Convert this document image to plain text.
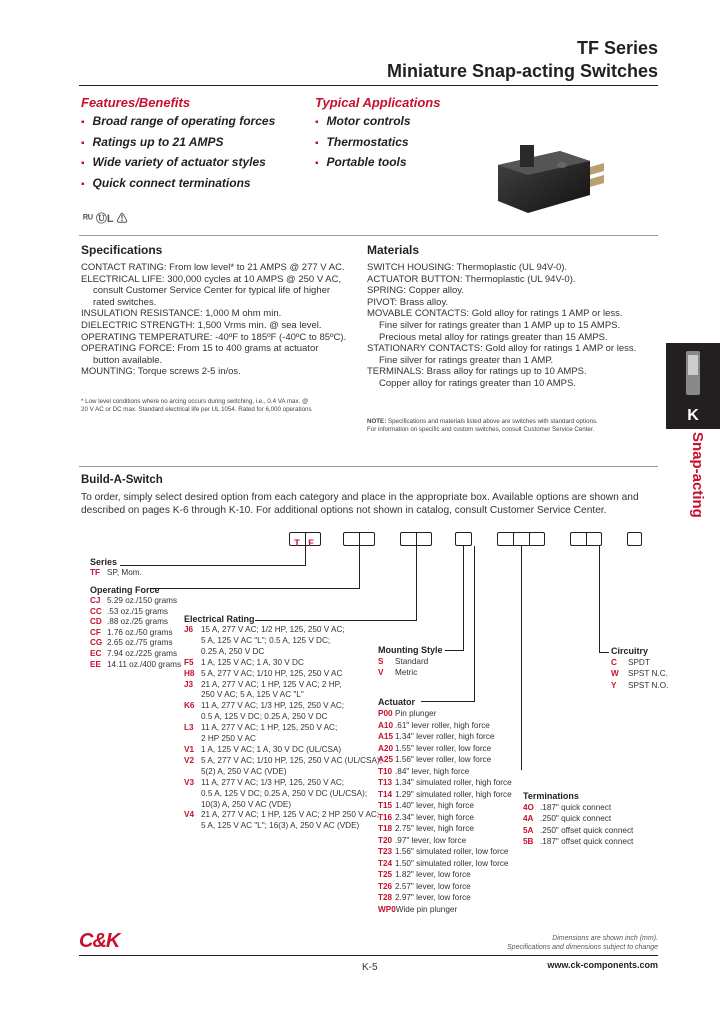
TF Series
Miniature Snap-acting Switches
Features/Benefits
▪ Broad range of operating forces
▪ Ratings up to 21 AMPS
▪ Wide variety of actuator styles
▪ Quick connect terminations
Typical Applications
▪ Motor controls
▪ Thermostatics
▪ Portable tools
ᴿᵁ ⓊL ⚠
Specifications
CONTACT RATING: From low level* to 21 AMPS @ 277 V AC.
ELECTRICAL LIFE: 300,000 cycles at 10 AMPS @ 250 V AC,
consult Customer Service Center for typical life of higher
rated switches.
INSULATION RESISTANCE: 1,000 M ohm min.
DIELECTRIC STRENGTH: 1,500 Vrms min. @ sea level.
OPERATING TEMPERATURE: -40ºF to 185ºF (-40ºC to 85ºC).
OPERATING FORCE: From 15 to 400 grams at actuator
button available.
MOUNTING: Torque screws 2-5 in/os.
* Low level conditions where no arcing occurs during switching, i.e., 0.4 VA max. @
20 V AC or DC max. Standard electrical life per UL 1054. Rated for 6,000 operations
Materials
SWITCH HOUSING: Thermoplastic (UL 94V-0).
ACTUATOR BUTTON: Thermoplastic (UL 94V-0).
SPRING: Copper alloy.
PIVOT: Brass alloy.
MOVABLE CONTACTS: Gold alloy for ratings 1 AMP or less.
Fine silver for ratings greater than 1 AMP up to 15 AMPS.
Precious metal alloy for ratings greater than 15 AMPS.
STATIONARY CONTACTS: Gold alloy for ratings 1 AMP or less.
Fine silver for ratings greater than 1 AMP.
TERMINALS: Brass alloy for ratings up to 10 AMPS.
Copper alloy for ratings greater than 10 AMPS.
NOTE: Specifications and materials listed above are switches with standard options.
For information on specific and custom switches, consult Customer Service Center.
K
Snap-acting
Build-A-Switch
To order, simply select desired option from each category and place in the appropriate box. Available options are shown and
described on pages K-6 through K-10. For additional options not shown in catalog, consult Customer Service Center.
T F
Series
TF SP, Mom.
Operating Force
CJ 5.29 oz./150 grams
CC .53 oz./15 grams
CD .88 oz./25 grams
CF 1.76 oz./50 grams
CG 2.65 oz./75 grams
EC 7.94 oz./225 grams
EE 14.11 oz./400 grams
Electrical Rating
J6 15 A, 277 V AC; 1/2 HP, 125, 250 V AC;
5 A, 125 V AC "L"; 0.5 A, 125 V DC;
0.25 A, 250 V DC
F5 1 A, 125 V AC; 1 A, 30 V DC
H8 5 A, 277 V AC; 1/10 HP, 125, 250 V AC
J3 21 A, 277 V AC; 1 HP, 125 V AC; 2 HP,
250 V AC; 5 A, 125 V AC "L"
K6 11 A, 277 V AC; 1/3 HP, 125, 250 V AC;
0.5 A, 125 V DC; 0.25 A, 250 V DC
L3 11 A, 277 V AC; 1 HP, 125, 250 V AC;
2 HP 250 V AC
V1 1 A, 125 V AC; 1 A, 30 V DC (UL/CSA)
V2 5 A, 277 V AC; 1/10 HP, 125, 250 V AC (UL/CSA);
5(2) A, 250 V AC (VDE)
V3 11 A, 277 V AC; 1/3 HP, 125, 250 V AC;
0.5 A, 125 V DC; 0.25 A, 250 V DC (UL/CSA);
10(3) A, 250 V AC (VDE)
V4 21 A, 277 V AC; 1 HP, 125 V AC; 2 HP 250 V AC;
5 A, 125 V AC "L"; 16(3) A, 250 V AC (VDE)
Mounting Style
S Standard
V Metric
Actuator
P00 Pin plunger
A10 .61" lever roller, high force
A15 1.34" lever roller, high force
A20 1.55" lever roller, low force
A25 1.56" lever roller, low force
T10 .84" lever, high force
T13 1.34" simulated roller, high force
T14 1.29" simulated roller, high force
T15 1.40" lever, high force
T16 2.34" lever, high force
T18 2.75" lever, high force
T20 .97" lever, low force
T23 1.56" simulated roller, low force
T24 1.50" simulated roller, low force
T25 1.82" lever, low force
T26 2.57" lever, low force
T28 2.97" lever, low force
WP0Wide pin plunger
Circuitry
C SPDT
W SPST N.C.
Y SPST N.O.
Terminations
4O .187" quick connect
4A .250" quick connect
5A .250" offset quick connect
5B .187" offset quick connect
C&K	Dimensions are shown inch (mm).
Specifications and dimensions subject to change
K-5	www.ck-components.com
